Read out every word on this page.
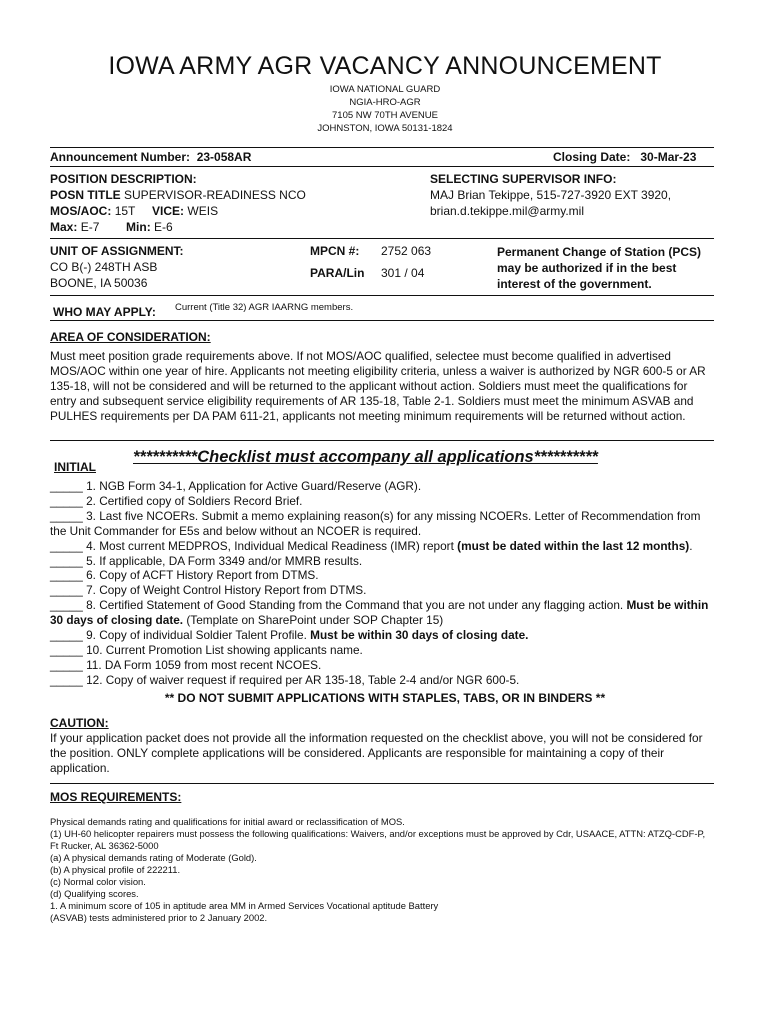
IOWA ARMY AGR VACANCY ANNOUNCEMENT
IOWA NATIONAL GUARD
NGIA-HRO-AGR
7105 NW 70TH AVENUE
JOHNSTON, IOWA 50131-1824
Announcement Number: 23-058AR	Closing Date: 30-Mar-23
POSITION DESCRIPTION:
POSN TITLE SUPERVISOR-READINESS NCO
MOS/AOC: 15T VICE: WEIS
Max: E-7 Min: E-6
SELECTING SUPERVISOR INFO:
MAJ Brian Tekippe, 515-727-3920 EXT 3920,
brian.d.tekippe.mil@army.mil
UNIT OF ASSIGNMENT:
CO B(-) 248TH ASB
BOONE, IA 50036
MPCN #: 2752 063
PARA/Lin 301 / 04
Permanent Change of Station (PCS) may be authorized if in the best interest of the government.
WHO MAY APPLY: Current (Title 32) AGR IAARNG members.
AREA OF CONSIDERATION:
Must meet position grade requirements above. If not MOS/AOC qualified, selectee must become qualified in advertised MOS/AOC within one year of hire. Applicants not meeting eligibility criteria, unless a waiver is authorized by NGR 600-5 or AR 135-18, will not be considered and will be returned to the applicant without action. Soldiers must meet the qualifications for entry and subsequent service eligibility requirements of AR 135-18, Table 2-1. Soldiers must meet the minimum ASVAB and PULHES requirements per DA PAM 611-21, applicants not meeting minimum requirements will be returned without action.
INITIAL
**********Checklist must accompany all applications**********
_____ 1. NGB Form 34-1, Application for Active Guard/Reserve (AGR).
_____ 2. Certified copy of Soldiers Record Brief.
_____ 3. Last five NCOERs. Submit a memo explaining reason(s) for any missing NCOERs. Letter of Recommendation from the Unit Commander for E5s and below without an NCOER is required.
_____ 4. Most current MEDPROS, Individual Medical Readiness (IMR) report (must be dated within the last 12 months).
_____ 5. If applicable, DA Form 3349 and/or MMRB results.
_____ 6. Copy of ACFT History Report from DTMS.
_____ 7. Copy of Weight Control History Report from DTMS.
_____ 8. Certified Statement of Good Standing from the Command that you are not under any flagging action. Must be within 30 days of closing date. (Template on SharePoint under SOP Chapter 15)
_____ 9. Copy of individual Soldier Talent Profile. Must be within 30 days of closing date.
_____ 10. Current Promotion List showing applicants name.
_____ 11. DA Form 1059 from most recent NCOES.
_____ 12. Copy of waiver request if required per AR 135-18, Table 2-4 and/or NGR 600-5.
** DO NOT SUBMIT APPLICATIONS WITH STAPLES, TABS, OR IN BINDERS **
CAUTION:
If your application packet does not provide all the information requested on the checklist above, you will not be considered for the position. ONLY complete applications will be considered. Applicants are responsible for maintaining a copy of their application.
MOS REQUIREMENTS:
Physical demands rating and qualifications for initial award or reclassification of MOS.
(1) UH-60 helicopter repairers must possess the following qualifications: Waivers, and/or exceptions must be approved by Cdr, USAACE, ATTN: ATZQ-CDF-P, Ft Rucker, AL 36362-5000
(a) A physical demands rating of Moderate (Gold).
(b) A physical profile of 222211.
(c) Normal color vision.
(d) Qualifying scores.
1. A minimum score of 105 in aptitude area MM in Armed Services Vocational aptitude Battery
(ASVAB) tests administered prior to 2 January 2002.
